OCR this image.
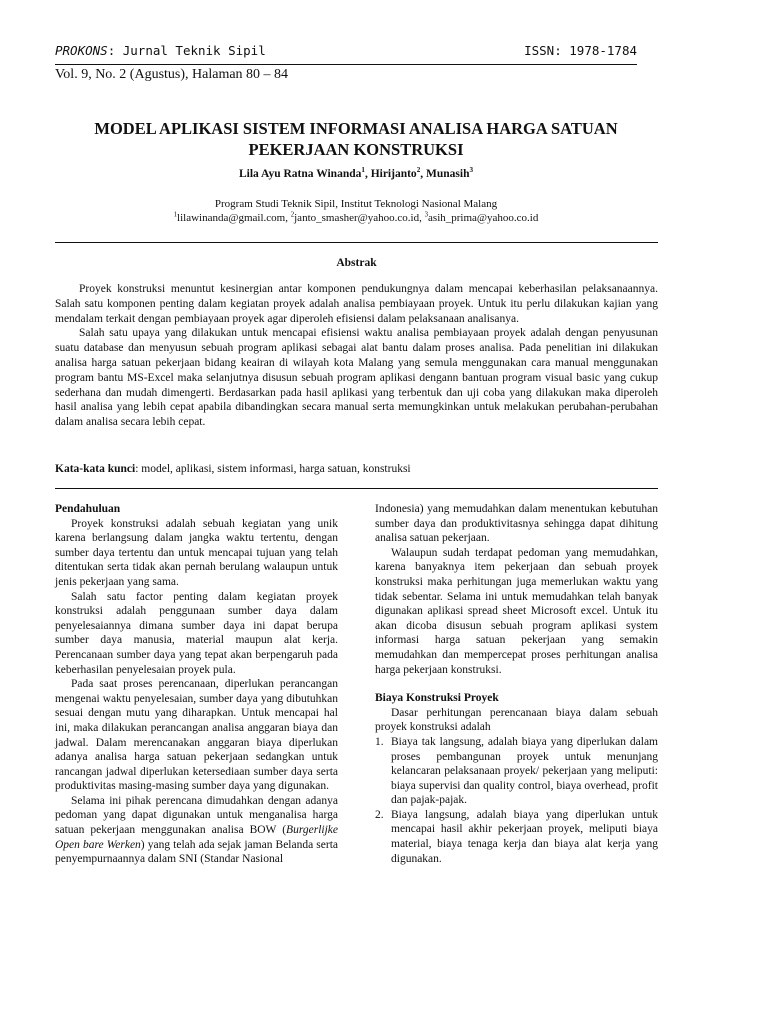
PROKONS: Jurnal Teknik Sipil	ISSN: 1978-1784
Vol. 9, No. 2 (Agustus), Halaman 80 – 84
MODEL APLIKASI SISTEM INFORMASI ANALISA HARGA SATUAN
PEKERJAAN KONSTRUKSI
Lila Ayu Ratna Winanda$^1$, Hirijanto$^2$, Munasih$^3$
Program Studi Teknik Sipil, Institut Teknologi Nasional Malang
$^1$lilawinanda@gmail.com, $^2$janto_smasher@yahoo.co.id, $^3$asih_prima@yahoo.co.id
Abstrak

Proyek konstruksi menuntut kesinergian antar komponen pendukungnya dalam mencapai keberhasilan pelaksanaannya. Salah satu komponen penting dalam kegiatan proyek adalah analisa pembiayaan proyek. Untuk itu perlu dilakukan kajian yang mendalam terkait dengan pembiayaan proyek agar diperoleh efisiensi dalam pelaksanaan analisanya.

Salah satu upaya yang dilakukan untuk mencapai efisiensi waktu analisa pembiayaan proyek adalah dengan penyusunan suatu database dan menyusun sebuah program aplikasi sebagai alat bantu dalam proses analisa. Pada penelitian ini dilakukan analisa harga satuan pekerjaan bidang keairan di wilayah kota Malang yang semula menggunakan cara manual menggunakan program bantu MS-Excel maka selanjutnya disusun sebuah program aplikasi dengann bantuan program visual basic yang cukup sederhana dan mudah dimengerti. Berdasarkan pada hasil aplikasi yang terbentuk dan uji coba yang dilakukan maka diperoleh hasil analisa yang lebih cepat apabila dibandingkan secara manual serta memungkinkan untuk melakukan perubahan-perubahan dalam analisa secara lebih cepat.

Kata-kata kunci: model, aplikasi, sistem informasi, harga satuan, konstruksi
Pendahuluan

Proyek konstruksi adalah sebuah kegiatan yang unik karena berlangsung dalam jangka waktu tertentu, dengan sumber daya tertentu dan untuk mencapai tujuan yang telah ditentukan serta tidak akan pernah berulang walaupun untuk jenis pekerjaan yang sama.

Salah satu factor penting dalam kegiatan proyek konstruksi adalah penggunaan sumber daya dalam penyelesaiannya dimana sumber daya ini dapat berupa sumber daya manusia, material maupun alat kerja. Perencanaan sumber daya yang tepat akan berpengaruh pada keberhasilan penyelesaian proyek pula.

Pada saat proses perencanaan, diperlukan perancangan mengenai waktu penyelesaian, sumber daya yang dibutuhkan sesuai dengan mutu yang diharapkan. Untuk mencapai hal ini, maka dilakukan perancangan analisa anggaran biaya dan jadwal. Dalam merencanakan anggaran biaya diperlukan adanya analisa harga satuan pekerjaan sedangkan untuk rancangan jadwal diperlukan ketersediaan sumber daya serta produktivitas masing-masing sumber daya yang digunakan.

Selama ini pihak perencana dimudahkan dengan adanya pedoman yang dapat digunakan untuk menganalisa harga satuan pekerjaan menggunakan analisa BOW (Burgerlijke Open bare Werken) yang telah ada sejak jaman Belanda serta penyempurnaannya dalam SNI (Standar Nasional

Indonesia) yang memudahkan dalam menentukan kebutuhan sumber daya dan produktivitasnya sehingga dapat dihitung analisa satuan pekerjaan.

Walaupun sudah terdapat pedoman yang memudahkan, karena banyaknya item pekerjaan dan sebuah proyek konstruksi maka perhitungan juga memerlukan waktu yang tidak sebentar. Selama ini untuk memudahkan telah banyak digunakan aplikasi spread sheet Microsoft excel. Untuk itu akan dicoba disusun sebuah program aplikasi system informasi harga satuan pekerjaan yang semakin memudahkan dan mempercepat proses perhitungan analisa harga pekerjaan konstruksi.

Biaya Konstruksi Proyek

Dasar perhitungan perencanaan biaya dalam sebuah proyek konstruksi adalah

1. Biaya tak langsung, adalah biaya yang diperlukan dalam proses pembangunan proyek untuk menunjang kelancaran pelaksanaan proyek/ pekerjaan yang meliputi: biaya supervisi dan quality control, biaya overhead, profit dan pajak-pajak.
2. Biaya langsung, adalah biaya yang diperlukan untuk mencapai hasil akhir pekerjaan proyek, meliputi biaya material, biaya tenaga kerja dan biaya alat kerja yang digunakan.
